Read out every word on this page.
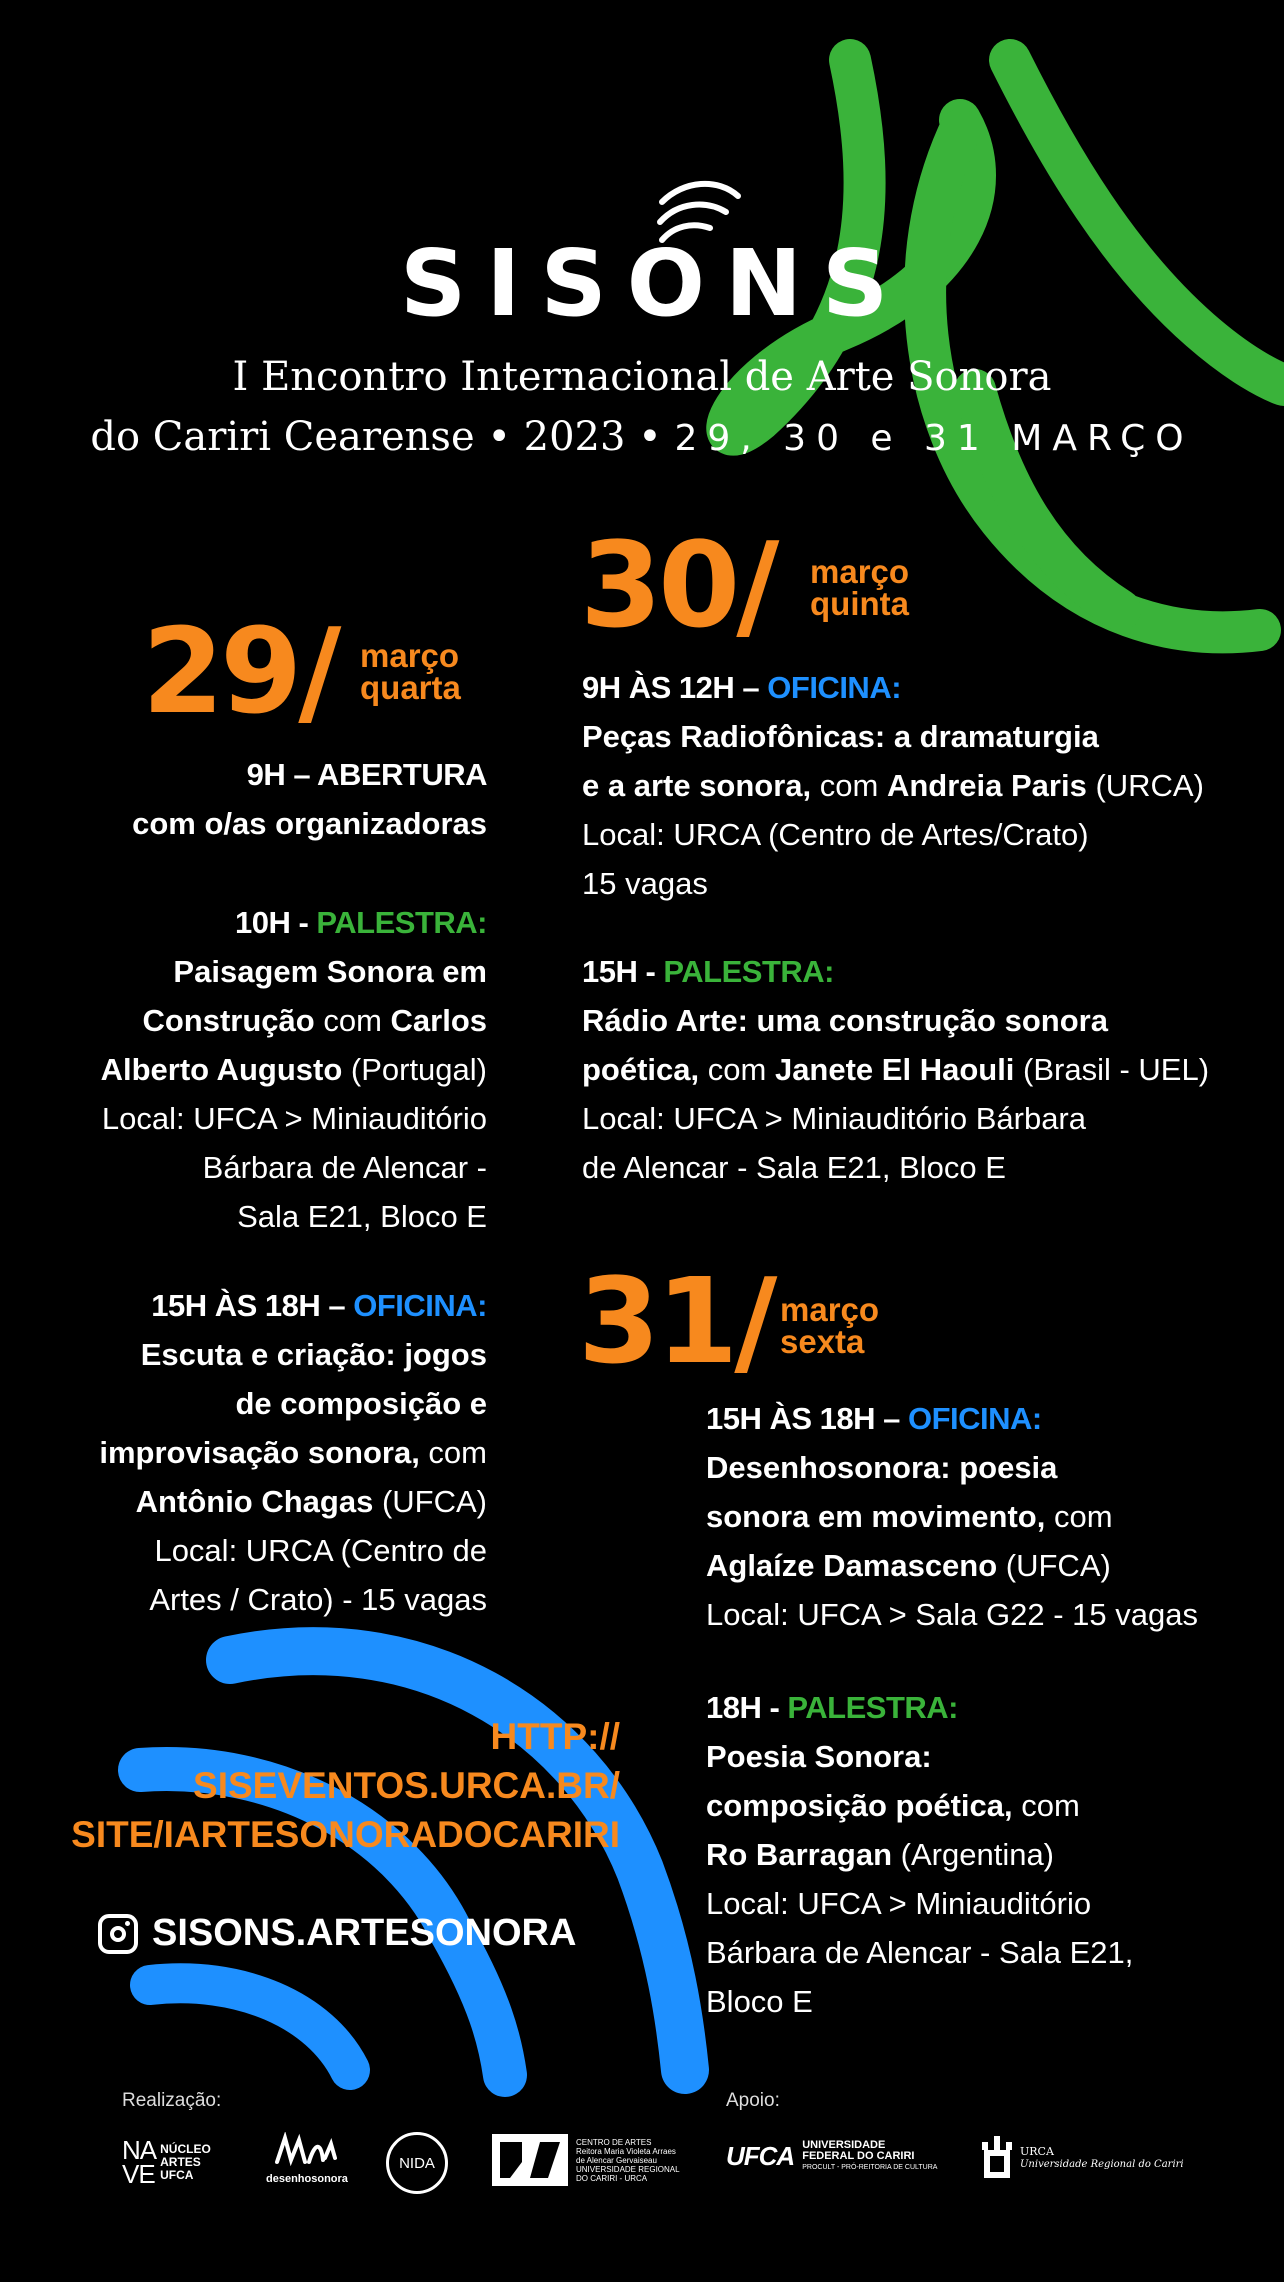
SISONS
I Encontro Internacional de Arte Sonora
do Cariri Cearense • 2023 • 29, 30 e 31 MARÇO
29/ março
quarta
9H – ABERTURA
com o/as organizadoras
10H - PALESTRA:
Paisagem Sonora em
Construção com Carlos
Alberto Augusto (Portugal)
Local: UFCA > Miniauditório
Bárbara de Alencar -
Sala E21, Bloco E
15H ÀS 18H – OFICINA:
Escuta e criação: jogos
de composição e
improvisação sonora, com
Antônio Chagas (UFCA)
Local: URCA (Centro de
Artes / Crato) - 15 vagas
30/ março
quinta
9H ÀS 12H – OFICINA:
Peças Radiofônicas: a dramaturgia
e a arte sonora, com Andreia Paris (URCA)
Local: URCA (Centro de Artes/Crato)
15 vagas
15H - PALESTRA:
Rádio Arte: uma construção sonora
poética, com Janete El Haouli (Brasil - UEL)
Local: UFCA > Miniauditório Bárbara
de Alencar - Sala E21, Bloco E
31/ março
sexta
15H ÀS 18H – OFICINA:
Desenhosonora: poesia
sonora em movimento, com
Aglaíze Damasceno (UFCA)
Local: UFCA > Sala G22 - 15 vagas
18H - PALESTRA:
Poesia Sonora:
composição poética, com
Ro Barragan (Argentina)
Local: UFCA > Miniauditório
Bárbara de Alencar - Sala E21,
Bloco E
HTTP://
SISEVENTOS.URCA.BR/
SITE/IARTESONORADOCARIRI
SISONS.ARTESONORA
Realização:	Apoio:
NA
VE
NÚCLEO
ARTES
UFCA	desenhosonora
NIDA
CENTRO DE ARTES
Reitora Maria Violeta Arraes
de Alencar Gervaiseau
UNIVERSIDADE REGIONAL
DO CARIRI - URCA
UFCA UNIVERSIDADE
FEDERAL DO CARIRI
PROCULT - PRÓ-REITORIA DE CULTURA
URCA
Universidade Regional do Cariri
